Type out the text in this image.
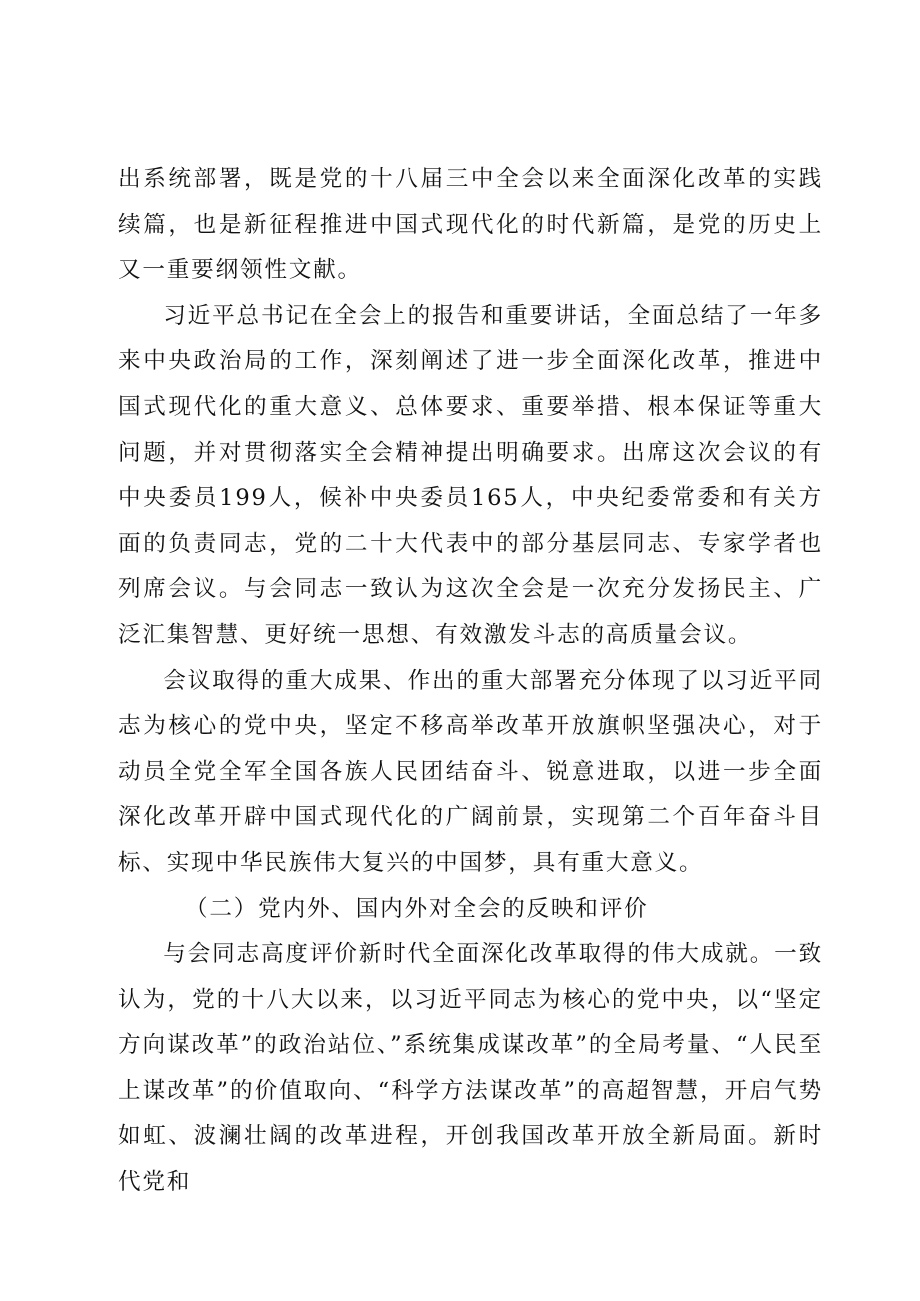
出系统部署，既是党的十八届三中全会以来全面深化改革的实践续篇，也是新征程推进中国式现代化的时代新篇，是党的历史上又一重要纲领性文献。

习近平总书记在全会上的报告和重要讲话，全面总结了一年多来中央政治局的工作，深刻阐述了进一步全面深化改革，推进中国式现代化的重大意义、总体要求、重要举措、根本保证等重大问题，并对贯彻落实全会精神提出明确要求。出席这次会议的有中央委员199人，候补中央委员165人，中央纪委常委和有关方面的负责同志，党的二十大代表中的部分基层同志、专家学者也列席会议。与会同志一致认为这次全会是一次充分发扬民主、广泛汇集智慧、更好统一思想、有效激发斗志的高质量会议。

会议取得的重大成果、作出的重大部署充分体现了以习近平同志为核心的党中央，坚定不移高举改革开放旗帜坚强决心，对于动员全党全军全国各族人民团结奋斗、锐意进取，以进一步全面深化改革开辟中国式现代化的广阔前景，实现第二个百年奋斗目标、实现中华民族伟大复兴的中国梦，具有重大意义。

（二）党内外、国内外对全会的反映和评价

与会同志高度评价新时代全面深化改革取得的伟大成就。一致认为，党的十八大以来，以习近平同志为核心的党中央，以“坚定方向谋改革”的政治站位、”系统集成谋改革”的全局考量、“人民至上谋改革”的价值取向、“科学方法谋改革”的高超智慧，开启气势如虹、波澜壮阔的改革进程，开创我国改革开放全新局面。新时代党和
